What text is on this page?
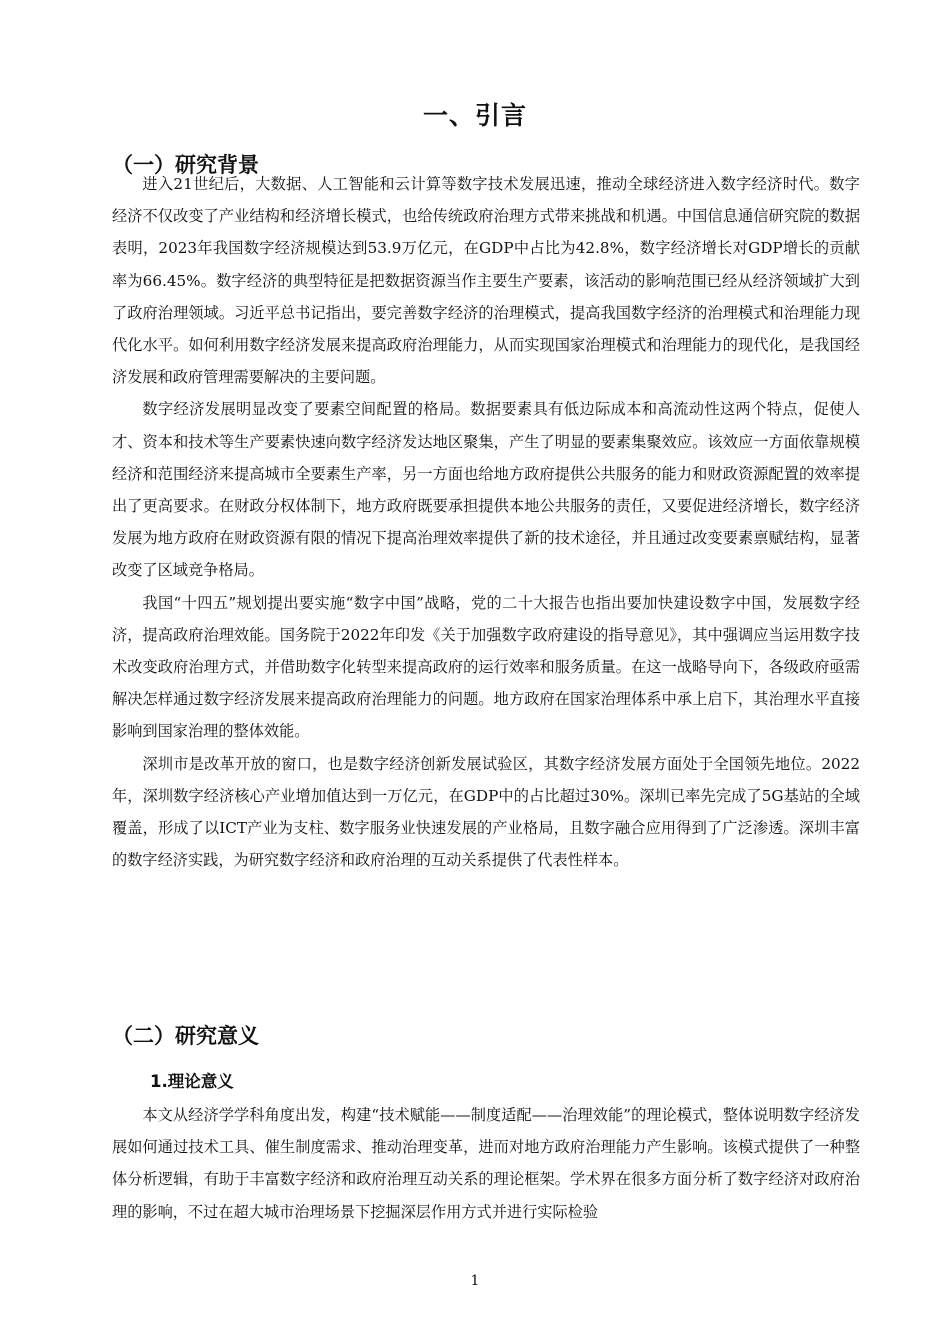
一、引言
（一）研究背景

进入21世纪后，大数据、人工智能和云计算等数字技术发展迅速，推动全球经济进入数字经济时代。数字经济不仅改变了产业结构和经济增长模式，也给传统政府治理方式带来挑战和机遇。中国信息通信研究院的数据表明，2023年我国数字经济规模达到53.9万亿元，在GDP中占比为42.8%，数字经济增长对GDP增长的贡献率为66.45%。数字经济的典型特征是把数据资源当作主要生产要素，该活动的影响范围已经从经济领域扩大到了政府治理领域。习近平总书记指出，要完善数字经济的治理模式，提高我国数字经济的治理模式和治理能力现代化水平。如何利用数字经济发展来提高政府治理能力，从而实现国家治理模式和治理能力的现代化，是我国经济发展和政府管理需要解决的主要问题。

数字经济发展明显改变了要素空间配置的格局。数据要素具有低边际成本和高流动性这两个特点，促使人才、资本和技术等生产要素快速向数字经济发达地区聚集，产生了明显的要素集聚效应。该效应一方面依靠规模经济和范围经济来提高城市全要素生产率，另一方面也给地方政府提供公共服务的能力和财政资源配置的效率提出了更高要求。在财政分权体制下，地方政府既要承担提供本地公共服务的责任，又要促进经济增长，数字经济发展为地方政府在财政资源有限的情况下提高治理效率提供了新的技术途径，并且通过改变要素禀赋结构，显著改变了区域竞争格局。

我国“十四五”规划提出要实施“数字中国”战略，党的二十大报告也指出要加快建设数字中国，发展数字经济，提高政府治理效能。国务院于2022年印发《关于加强数字政府建设的指导意见》，其中强调应当运用数字技术改变政府治理方式，并借助数字化转型来提高政府的运行效率和服务质量。在这一战略导向下，各级政府亟需解决怎样通过数字经济发展来提高政府治理能力的问题。地方政府在国家治理体系中承上启下，其治理水平直接影响到国家治理的整体效能。

深圳市是改革开放的窗口，也是数字经济创新发展试验区，其数字经济发展方面处于全国领先地位。2022年，深圳数字经济核心产业增加值达到一万亿元，在GDP中的占比超过30%。深圳已率先完成了5G基站的全域覆盖，形成了以ICT产业为支柱、数字服务业快速发展的产业格局，且数字融合应用得到了广泛渗透。深圳丰富的数字经济实践，为研究数字经济和政府治理的互动关系提供了代表性样本。

（二）研究意义
1.理论意义

本文从经济学学科角度出发，构建“技术赋能——制度适配——治理效能”的理论模式，整体说明数字经济发展如何通过技术工具、催生制度需求、推动治理变革，进而对地方政府治理能力产生影响。该模式提供了一种整体分析逻辑，有助于丰富数字经济和政府治理互动关系的理论框架。学术界在很多方面分析了数字经济对政府治理的影响，不过在超大城市治理场景下挖掘深层作用方式并进行实际检验

1
